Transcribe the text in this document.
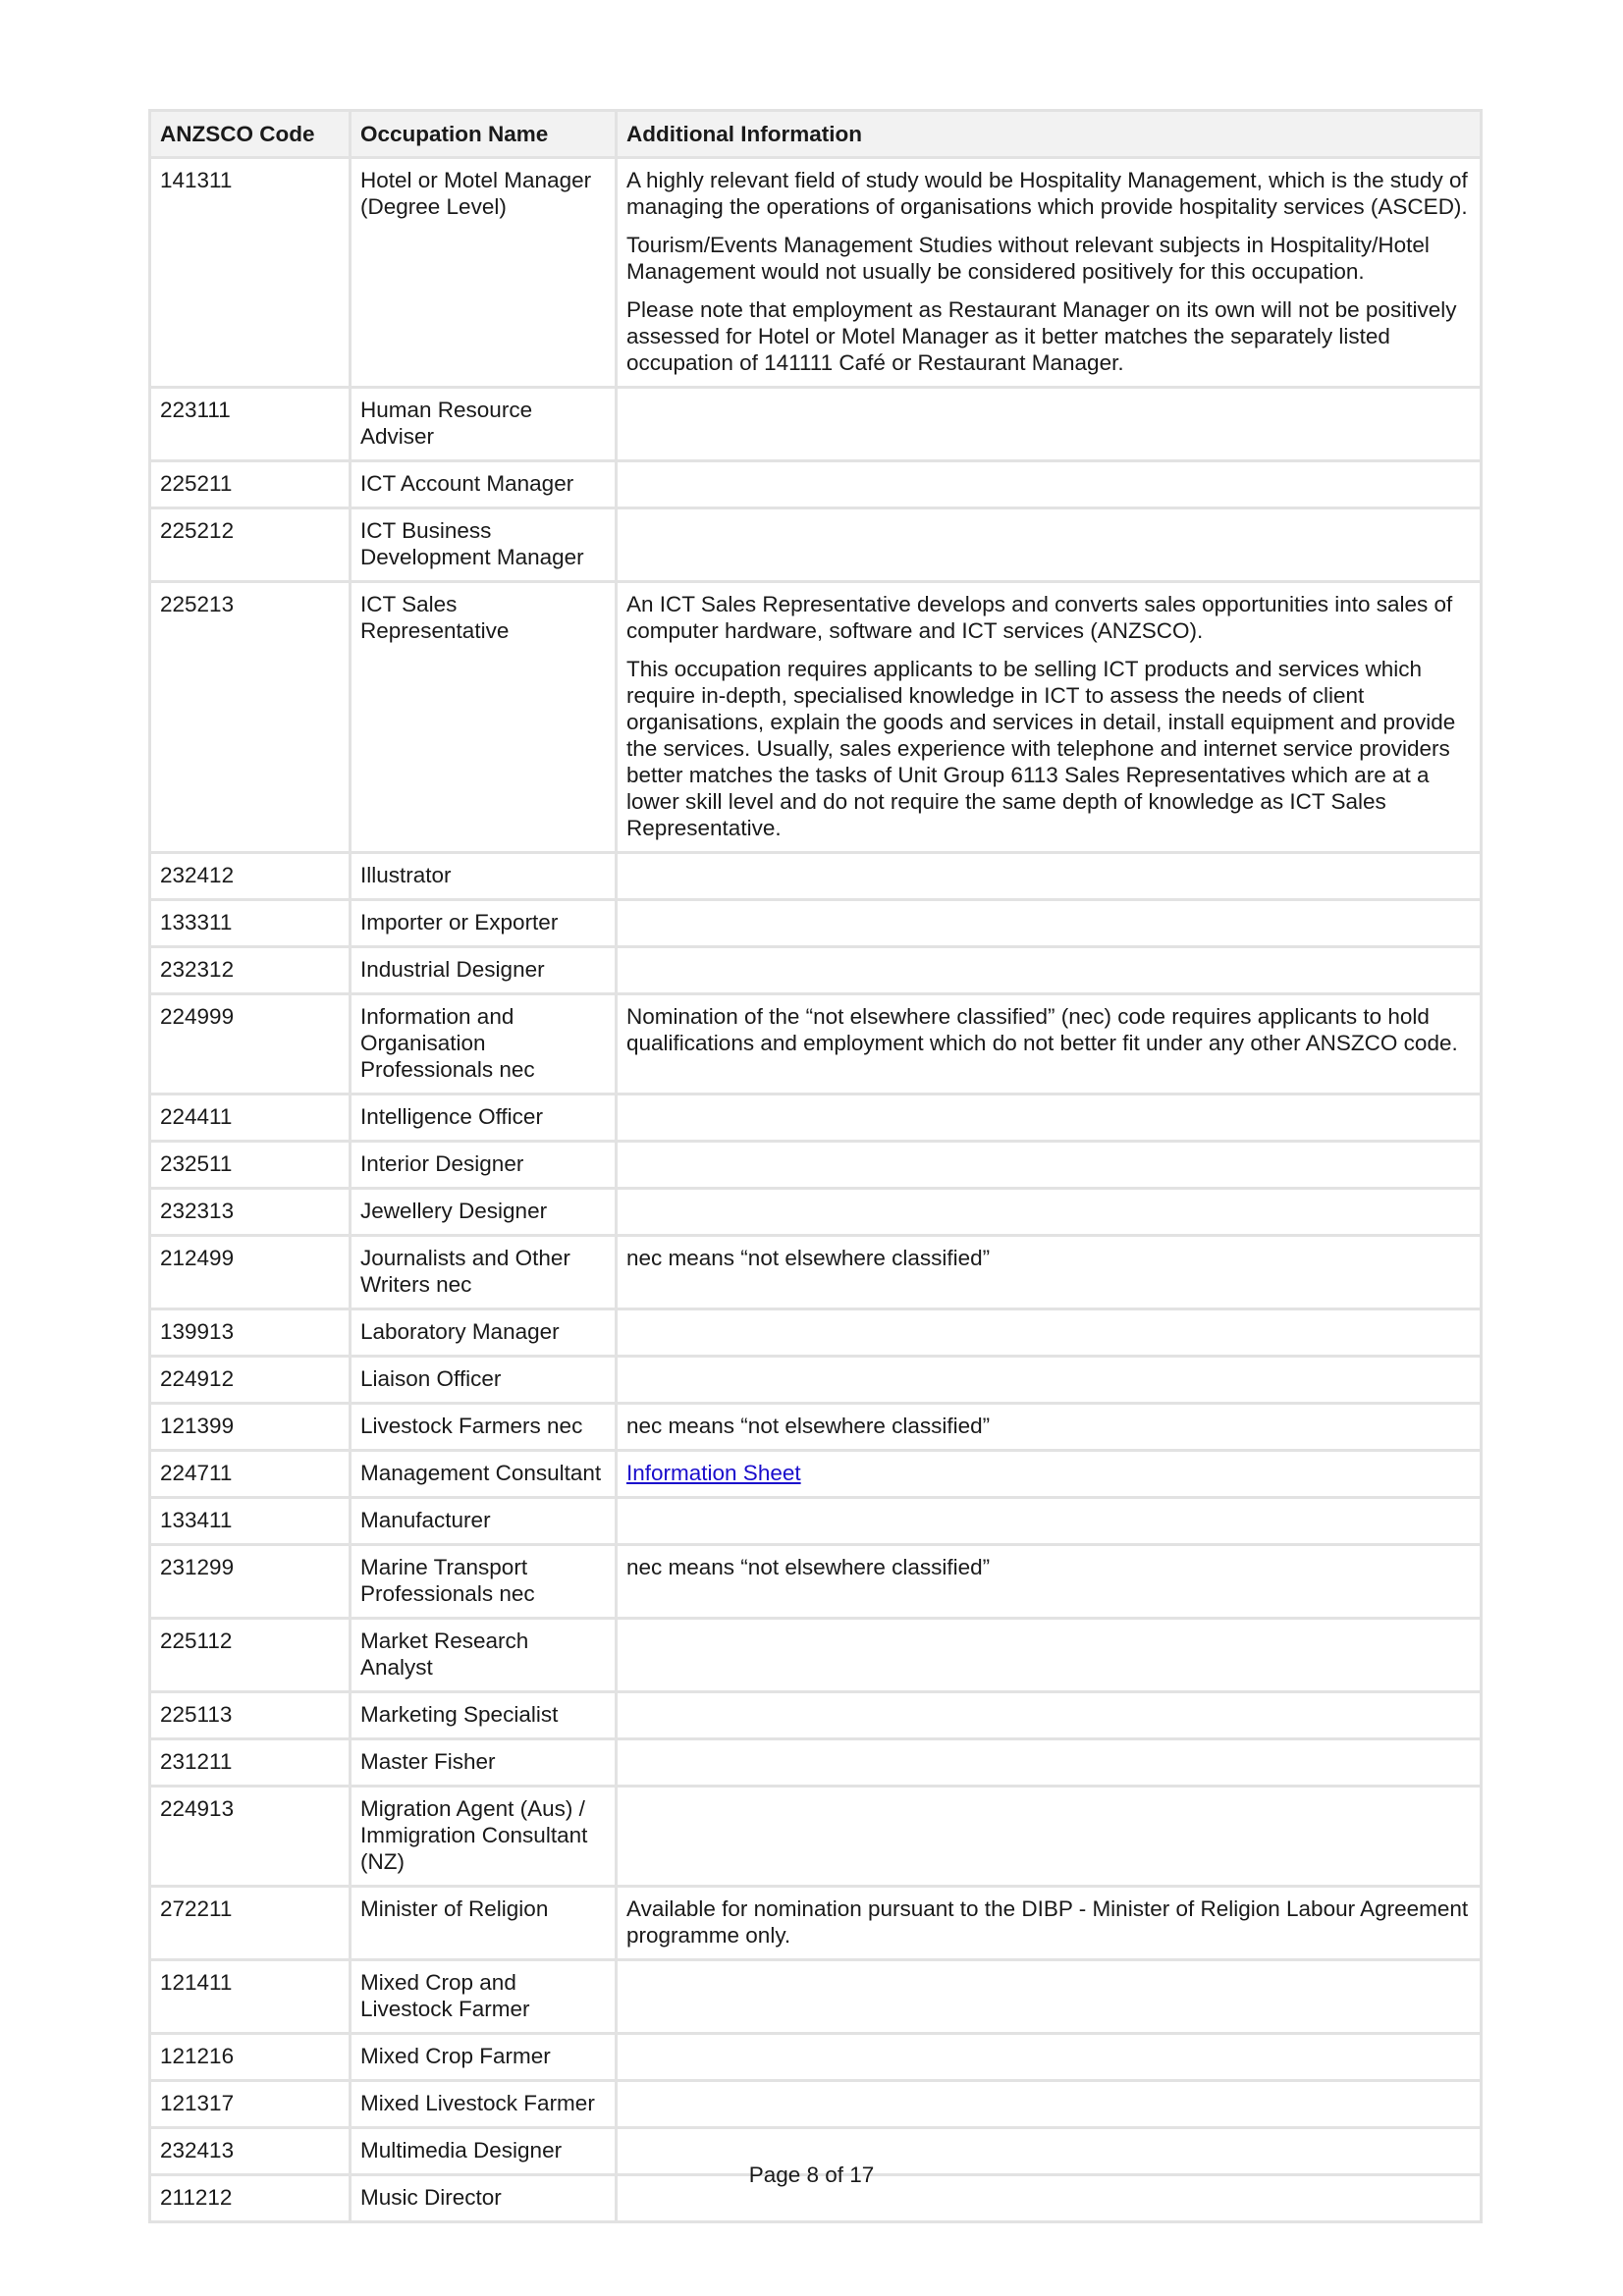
ANZSCO Code	Occupation Name	Additional Information
141311	Hotel or Motel Manager (Degree Level)	A highly relevant field of study would be Hospitality Management, which is the study of managing the operations of organisations which provide hospitality services (ASCED).

Tourism/Events Management Studies without relevant subjects in Hospitality/Hotel Management would not usually be considered positively for this occupation.

Please note that employment as Restaurant Manager on its own will not be positively assessed for Hotel or Motel Manager as it better matches the separately listed occupation of 141111 Café or Restaurant Manager.

223111	Human Resource Adviser	
225211	ICT Account Manager	
225212	ICT Business Development Manager	
225213	ICT Sales Representative	An ICT Sales Representative develops and converts sales opportunities into sales of computer hardware, software and ICT services (ANZSCO).

This occupation requires applicants to be selling ICT products and services which require in-depth, specialised knowledge in ICT to assess the needs of client organisations, explain the goods and services in detail, install equipment and provide the services. Usually, sales experience with telephone and internet service providers better matches the tasks of Unit Group 6113 Sales Representatives which are at a lower skill level and do not require the same depth of knowledge as ICT Sales Representative.

232412	Illustrator	
133311	Importer or Exporter	
232312	Industrial Designer	
224999	Information and Organisation Professionals nec	Nomination of the “not elsewhere classified” (nec) code requires applicants to hold qualifications and employment which do not better fit under any other ANSZCO code.

224411	Intelligence Officer	
232511	Interior Designer	
232313	Jewellery Designer	
212499	Journalists and Other Writers nec	nec means “not elsewhere classified”

139913	Laboratory Manager	
224912	Liaison Officer	
121399	Livestock Farmers nec	nec means “not elsewhere classified”

224711	Management Consultant	Information Sheet
133411	Manufacturer	
231299	Marine Transport Professionals nec	nec means “not elsewhere classified”

225112	Market Research Analyst	
225113	Marketing Specialist	
231211	Master Fisher	
224913	Migration Agent (Aus) / Immigration Consultant (NZ)	
272211	Minister of Religion	Available for nomination pursuant to the DIBP - Minister of Religion Labour Agreement programme only.

121411	Mixed Crop and Livestock Farmer	
121216	Mixed Crop Farmer	
121317	Mixed Livestock Farmer	
232413	Multimedia Designer	
211212	Music Director	
Page 8 of 17
